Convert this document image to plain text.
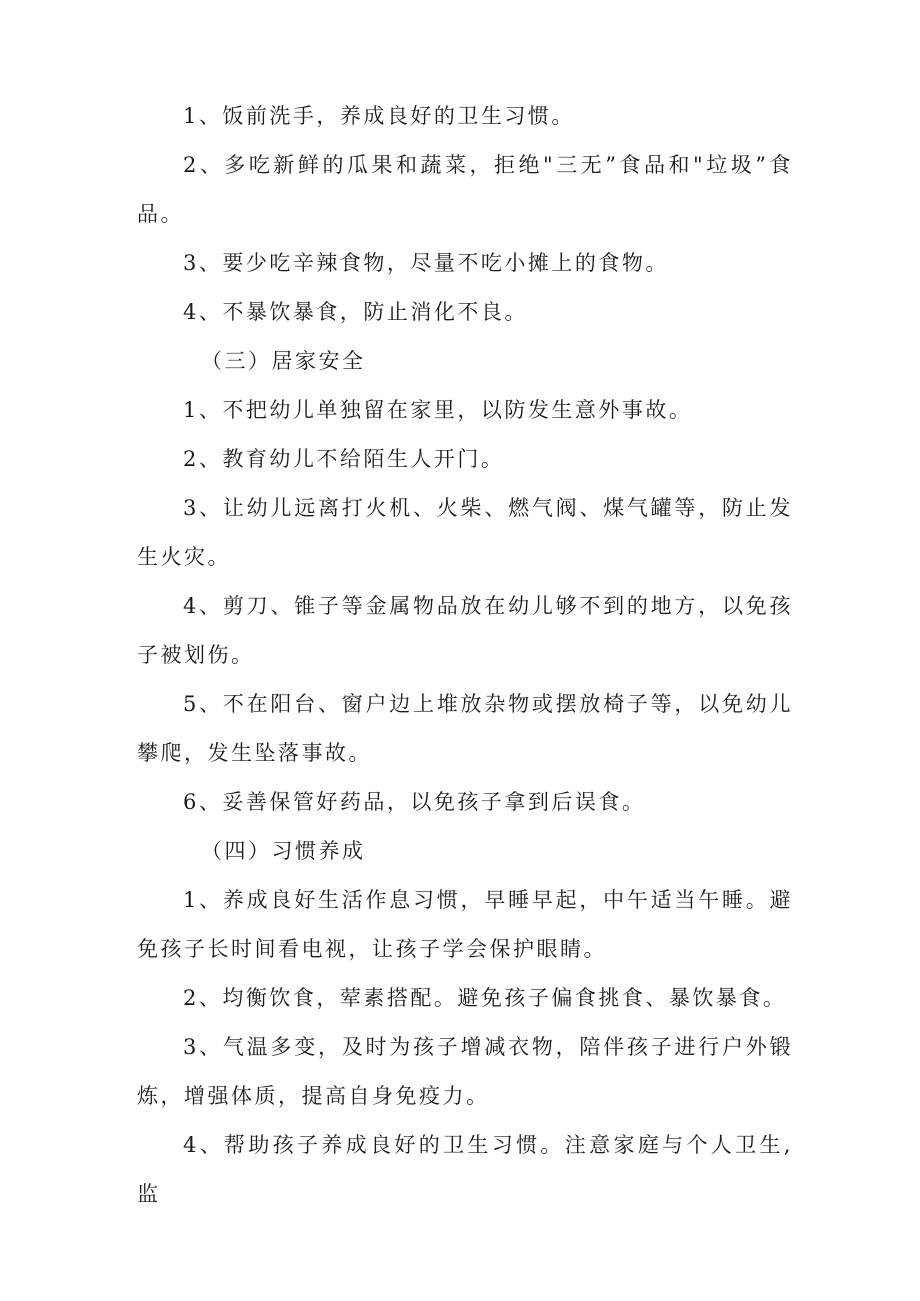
1、饭前洗手，养成良好的卫生习惯。

2、多吃新鲜的瓜果和蔬菜，拒绝"三无”食品和"垃圾”食品。

3、要少吃辛辣食物，尽量不吃小摊上的食物。

4、不暴饮暴食，防止消化不良。

（三）居家安全

1、不把幼儿单独留在家里，以防发生意外事故。

2、教育幼儿不给陌生人开门。

3、让幼儿远离打火机、火柴、燃气阀、煤气罐等，防止发生火灾。

4、剪刀、锥子等金属物品放在幼儿够不到的地方，以免孩子被划伤。

5、不在阳台、窗户边上堆放杂物或摆放椅子等，以免幼儿攀爬，发生坠落事故。

6、妥善保管好药品，以免孩子拿到后误食。

（四）习惯养成

1、养成良好生活作息习惯，早睡早起，中午适当午睡。避免孩子长时间看电视，让孩子学会保护眼睛。

2、均衡饮食，荤素搭配。避免孩子偏食挑食、暴饮暴食。

3、气温多变，及时为孩子增减衣物，陪伴孩子进行户外锻炼，增强体质，提高自身免疫力。

4、帮助孩子养成良好的卫生习惯。注意家庭与个人卫生,监
